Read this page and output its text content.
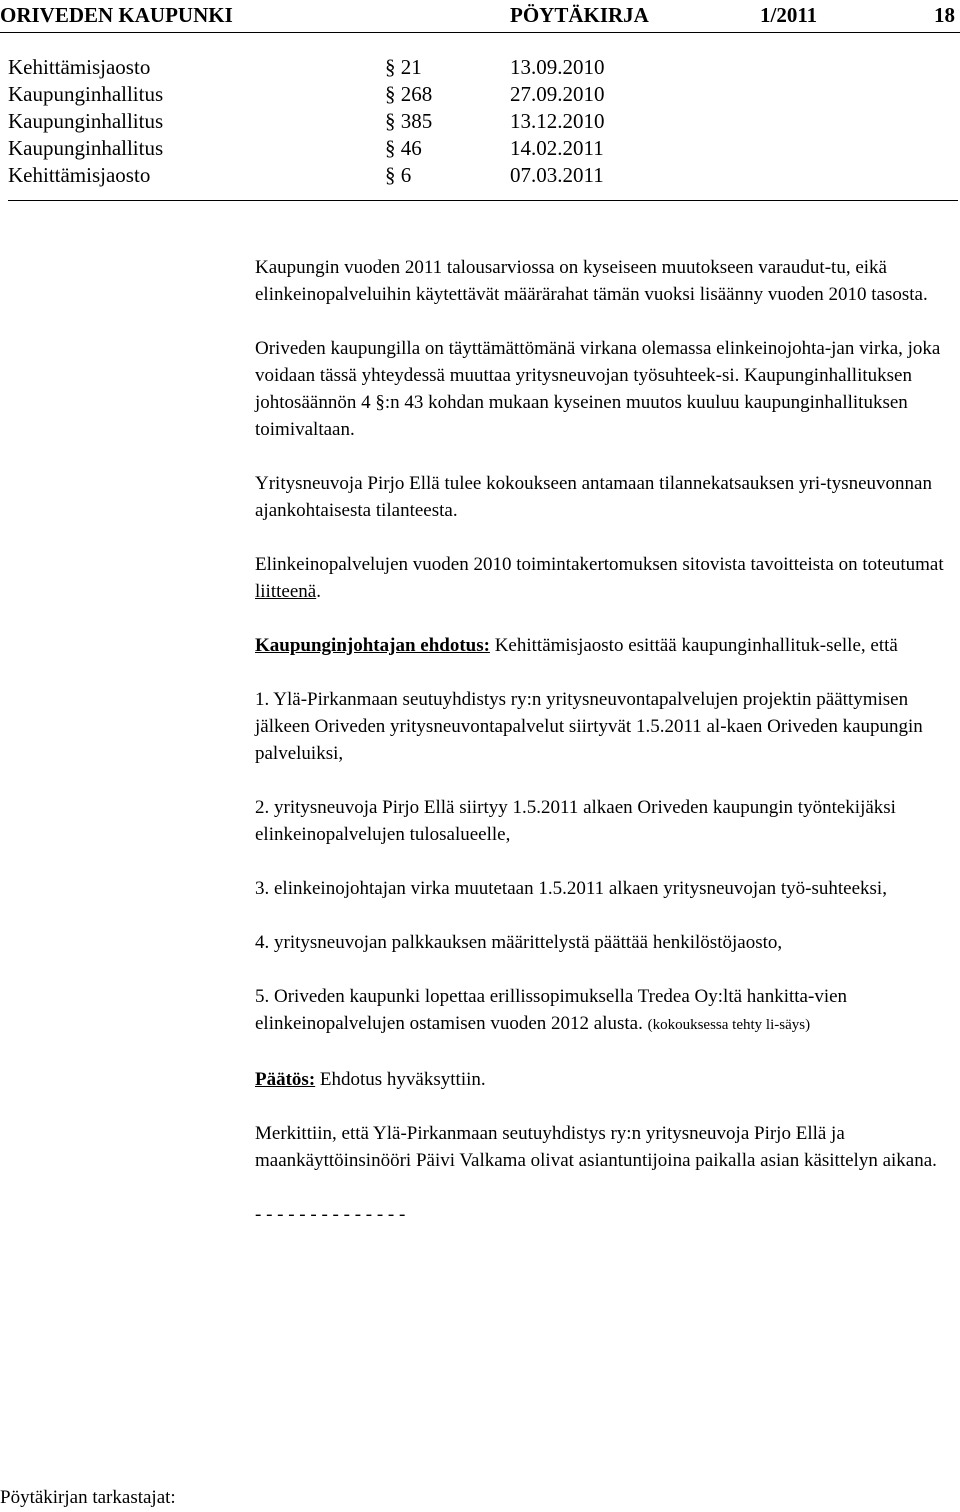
ORIVEDEN KAUPUNKI	PÖYTÄKIRJA	1/2011	18
Kehittämisjaosto	§ 21	13.09.2010
Kaupunginhallitus	§ 268	27.09.2010
Kaupunginhallitus	§ 385	13.12.2010
Kaupunginhallitus	§ 46	14.02.2011
Kehittämisjaosto	§ 6	07.03.2011

Kaupungin vuoden 2011 talousarviossa on kyseiseen muutokseen varaudut-tu, eikä elinkeinopalveluihin käytettävät määrärahat tämän vuoksi lisäänny vuoden 2010 tasosta.

Oriveden kaupungilla on täyttämättömänä virkana olemassa elinkeinojohta-jan virka, joka voidaan tässä yhteydessä muuttaa yritysneuvojan työsuhteek-si. Kaupunginhallituksen johtosäännön 4 §:n 43 kohdan mukaan kyseinen muutos kuuluu kaupunginhallituksen toimivaltaan.

Yritysneuvoja Pirjo Ellä tulee kokoukseen antamaan tilannekatsauksen yri-tysneuvonnan ajankohtaisesta tilanteesta.

Elinkeinopalvelujen vuoden 2010 toimintakertomuksen sitovista tavoitteista on toteutumat liitteenä.

Kaupunginjohtajan ehdotus: Kehittämisjaosto esittää kaupunginhallituk-selle, että

1. Ylä-Pirkanmaan seutuyhdistys ry:n yritysneuvontapalvelujen projektin päättymisen jälkeen Oriveden yritysneuvontapalvelut siirtyvät 1.5.2011 al-kaen Oriveden kaupungin palveluiksi,

2. yritysneuvoja Pirjo Ellä siirtyy 1.5.2011 alkaen Oriveden kaupungin työntekijäksi elinkeinopalvelujen tulosalueelle,

3. elinkeinojohtajan virka muutetaan 1.5.2011 alkaen yritysneuvojan työ-suhteeksi,

4. yritysneuvojan palkkauksen määrittelystä päättää henkilöstöjaosto,

5. Oriveden kaupunki lopettaa erillissopimuksella Tredea Oy:ltä hankitta-vien elinkeinopalvelujen ostamisen vuoden 2012 alusta. (kokouksessa tehty li-säys)

Päätös: Ehdotus hyväksyttiin.

Merkittiin, että Ylä-Pirkanmaan seutuyhdistys ry:n yritysneuvoja Pirjo Ellä ja maankäyttöinsinööri Päivi Valkama olivat asiantuntijoina paikalla asian käsittelyn aikana.

- - - - - - - - - - - - - -

Pöytäkirjan tarkastajat:
